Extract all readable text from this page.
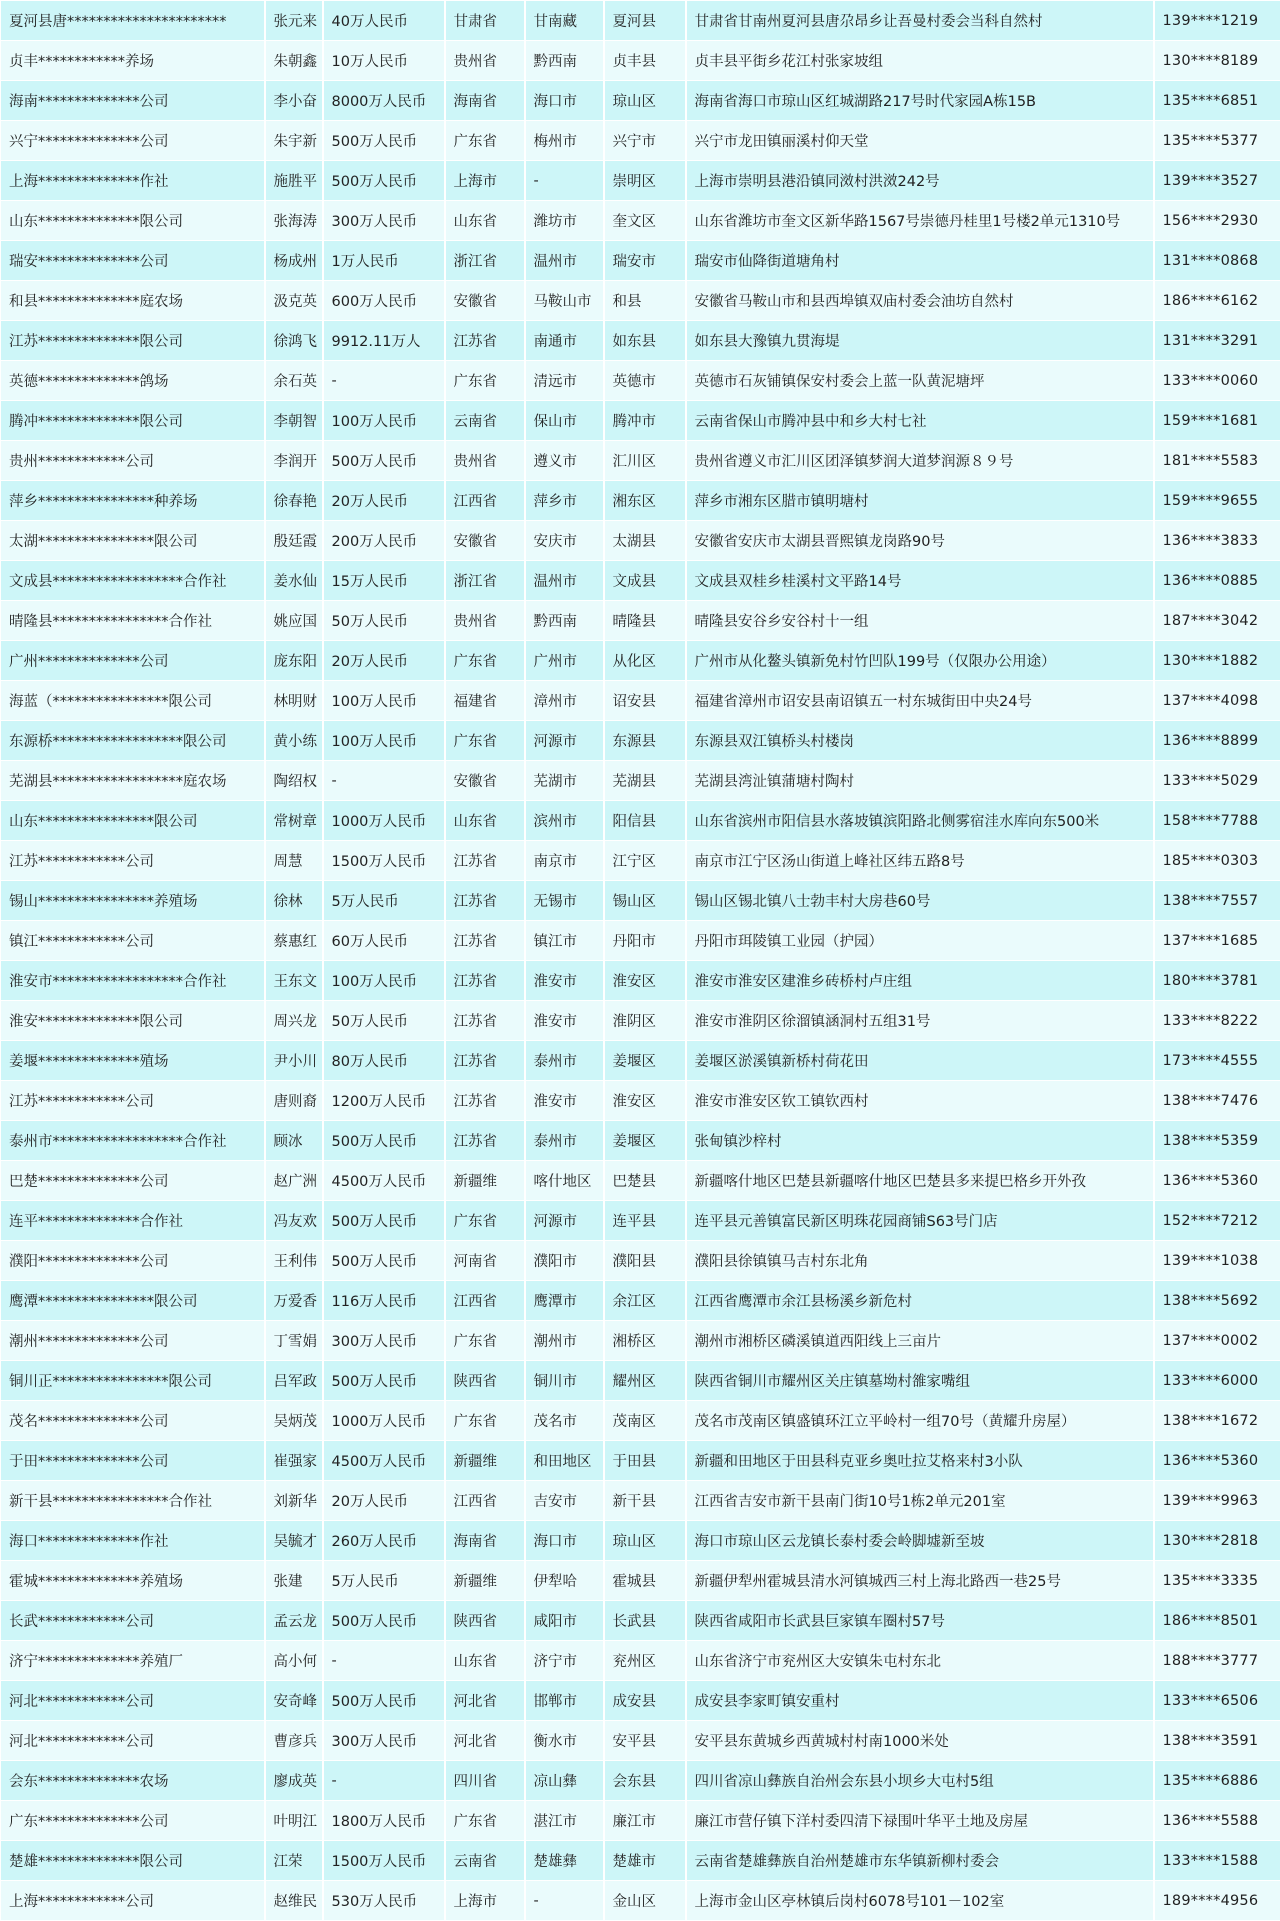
夏河县唐**********************	张元来	40万人民币	甘肃省	甘南藏	夏河县	甘肃省甘南州夏河县唐尕昂乡让吾曼村委会当科自然村	139****1219
贞丰************养场	朱朝鑫	10万人民币	贵州省	黔西南	贞丰县	贞丰县平街乡花江村张家坡组	130****8189
海南**************公司	李小奋	8000万人民币	海南省	海口市	琼山区	海南省海口市琼山区红城湖路217号时代家园A栋15B	135****6851
兴宁**************公司	朱宇新	500万人民币	广东省	梅州市	兴宁市	兴宁市龙田镇丽溪村仰天堂	135****5377
上海**************作社	施胜平	500万人民币	上海市	-	崇明区	上海市崇明县港沿镇同滧村洪滧242号	139****3527
山东**************限公司	张海涛	300万人民币	山东省	潍坊市	奎文区	山东省潍坊市奎文区新华路1567号崇德丹桂里1号楼2单元1310号	156****2930
瑞安**************公司	杨成州	1万人民币	浙江省	温州市	瑞安市	瑞安市仙降街道塘角村	131****0868
和县**************庭农场	汲克英	600万人民币	安徽省	马鞍山市	和县	安徽省马鞍山市和县西埠镇双庙村委会油坊自然村	186****6162
江苏**************限公司	徐鸿飞	9912.11万人	江苏省	南通市	如东县	如东县大豫镇九贯海堤	131****3291
英德**************鸽场	余石英	-	广东省	清远市	英德市	英德市石灰铺镇保安村委会上蓝一队黄泥塘坪	133****0060
腾冲**************限公司	李朝智	100万人民币	云南省	保山市	腾冲市	云南省保山市腾冲县中和乡大村七社	159****1681
贵州************公司	李润开	500万人民币	贵州省	遵义市	汇川区	贵州省遵义市汇川区团泽镇梦润大道梦润源８９号	181****5583
萍乡****************种养场	徐春艳	20万人民币	江西省	萍乡市	湘东区	萍乡市湘东区腊市镇明塘村	159****9655
太湖****************限公司	殷廷霞	200万人民币	安徽省	安庆市	太湖县	安徽省安庆市太湖县晋熙镇龙岗路90号	136****3833
文成县******************合作社	姜水仙	15万人民币	浙江省	温州市	文成县	文成县双桂乡桂溪村文平路14号	136****0885
晴隆县****************合作社	姚应国	50万人民币	贵州省	黔西南	晴隆县	晴隆县安谷乡安谷村十一组	187****3042
广州**************公司	庞东阳	20万人民币	广东省	广州市	从化区	广州市从化鳌头镇新免村竹凹队199号（仅限办公用途）	130****1882
海蓝（****************限公司	林明财	100万人民币	福建省	漳州市	诏安县	福建省漳州市诏安县南诏镇五一村东城街田中央24号	137****4098
东源桥******************限公司	黄小练	100万人民币	广东省	河源市	东源县	东源县双江镇桥头村楼岗	136****8899
芜湖县******************庭农场	陶绍权	-	安徽省	芜湖市	芜湖县	芜湖县湾沚镇蒲塘村陶村	133****5029
山东****************限公司	常树章	1000万人民币	山东省	滨州市	阳信县	山东省滨州市阳信县水落坡镇滨阳路北侧雾宿洼水库向东500米	158****7788
江苏************公司	周慧	1500万人民币	江苏省	南京市	江宁区	南京市江宁区汤山街道上峰社区纬五路8号	185****0303
锡山****************养殖场	徐林	5万人民币	江苏省	无锡市	锡山区	锡山区锡北镇八士勃丰村大房巷60号	138****7557
镇江************公司	蔡惠红	60万人民币	江苏省	镇江市	丹阳市	丹阳市珥陵镇工业园（护园）	137****1685
淮安市******************合作社	王东文	100万人民币	江苏省	淮安市	淮安区	淮安市淮安区建淮乡砖桥村卢庄组	180****3781
淮安**************限公司	周兴龙	50万人民币	江苏省	淮安市	淮阴区	淮安市淮阴区徐溜镇涵洞村五组31号	133****8222
姜堰**************殖场	尹小川	80万人民币	江苏省	泰州市	姜堰区	姜堰区淤溪镇新桥村荷花田	173****4555
江苏************公司	唐则裔	1200万人民币	江苏省	淮安市	淮安区	淮安市淮安区钦工镇钦西村	138****7476
泰州市******************合作社	顾冰	500万人民币	江苏省	泰州市	姜堰区	张甸镇沙梓村	138****5359
巴楚**************公司	赵广洲	4500万人民币	新疆维	喀什地区	巴楚县	新疆喀什地区巴楚县新疆喀什地区巴楚县多来提巴格乡开外孜	136****5360
连平**************合作社	冯友欢	500万人民币	广东省	河源市	连平县	连平县元善镇富民新区明珠花园商铺S63号门店	152****7212
濮阳**************公司	王利伟	500万人民币	河南省	濮阳市	濮阳县	濮阳县徐镇镇马吉村东北角	139****1038
鹰潭****************限公司	万爱香	116万人民币	江西省	鹰潭市	余江区	江西省鹰潭市余江县杨溪乡新危村	138****5692
潮州**************公司	丁雪娟	300万人民币	广东省	潮州市	湘桥区	潮州市湘桥区磷溪镇道西阳线上三亩片	137****0002
铜川正****************限公司	吕军政	500万人民币	陕西省	铜川市	耀州区	陕西省铜川市耀州区关庄镇墓坳村雒家嘴组	133****6000
茂名**************公司	吴炳茂	1000万人民币	广东省	茂名市	茂南区	茂名市茂南区镇盛镇环江立平岭村一组70号（黄耀升房屋）	138****1672
于田**************公司	崔强家	4500万人民币	新疆维	和田地区	于田县	新疆和田地区于田县科克亚乡奥吐拉艾格来村3小队	136****5360
新干县****************合作社	刘新华	20万人民币	江西省	吉安市	新干县	江西省吉安市新干县南门街10号1栋2单元201室	139****9963
海口**************作社	吴毓才	260万人民币	海南省	海口市	琼山区	海口市琼山区云龙镇长泰村委会岭脚墟新至坡	130****2818
霍城**************养殖场	张建	5万人民币	新疆维	伊犁哈	霍城县	新疆伊犁州霍城县清水河镇城西三村上海北路西一巷25号	135****3335
长武************公司	孟云龙	500万人民币	陕西省	咸阳市	长武县	陕西省咸阳市长武县巨家镇车圈村57号	186****8501
济宁**************养殖厂	高小何	-	山东省	济宁市	兖州区	山东省济宁市兖州区大安镇朱屯村东北	188****3777
河北************公司	安奇峰	500万人民币	河北省	邯郸市	成安县	成安县李家町镇安重村	133****6506
河北************公司	曹彦兵	300万人民币	河北省	衡水市	安平县	安平县东黄城乡西黄城村村南1000米处	138****3591
会东**************农场	廖成英	-	四川省	凉山彝	会东县	四川省凉山彝族自治州会东县小坝乡大屯村5组	135****6886
广东**************公司	叶明江	1800万人民币	广东省	湛江市	廉江市	廉江市营仔镇下洋村委四清下禄围叶华平土地及房屋	136****5588
楚雄**************限公司	江荣	1500万人民币	云南省	楚雄彝	楚雄市	云南省楚雄彝族自治州楚雄市东华镇新柳村委会	133****1588
上海************公司	赵维民	530万人民币	上海市	-	金山区	上海市金山区亭林镇后岗村6078号101－102室	189****4956
